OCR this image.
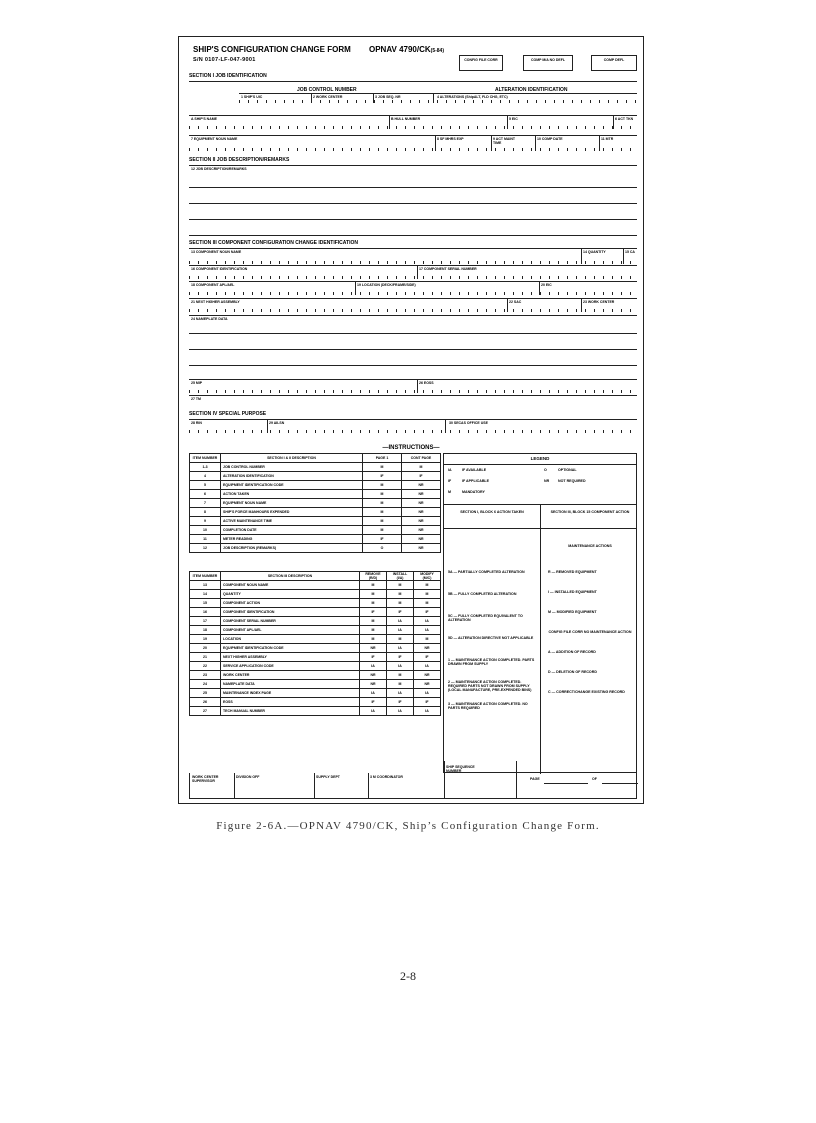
SHIP'S CONFIGURATION CHANGE FORM OPNAV 4790/CK(5-84)
S/N 0107-LF-047-9001	CONFIG FILE CORR	COMP M/A NO DEFL	COMP DEFL
SECTION I JOB IDENTIFICATION
JOB CONTROL NUMBER	ALTERATION IDENTIFICATION
1 SHIP'S UIC	2 WORK CENTER	3 JOB SEQ. NR	4 ALTERATIONS (ShipALT, FLD CHG, ETC)
A SHIP'S NAME	B HULL NUMBER	5 EIC	6 ACT TKN
7 EQUIPMENT NOUN NAME	8 SF MHRS EXP	9 ACT MAINT TIME
10 COMP DATE	11 MTR
SECTION II JOB DESCRIPTION/REMARKS
12 JOB DESCRIPTION/REMARKS
SECTION III COMPONENT CONFIGURATION CHANGE IDENTIFICATION
13 COMPONENT NOUN NAME	14 QUANTITY	15 CA
16 COMPONENT IDENTIFICATION	17 COMPONENT SERIAL NUMBER
18 COMPONENT APL/AEL	19 LOCATION (DECK/FRAME/SIDE)	20 EIC
21 NEXT HIGHER ASSEMBLY	22 SAC	23 WORK CENTER
24 NAMEPLATE DATA
25 MIP	26 EOSS
27 TM
SECTION IV SPECIAL PURPOSE
28 RIN	29 AILSN	30 SECAS OFFICE USE
—INSTRUCTIONS—
ITEM NUMBER	SECTION I & II DESCRIPTION	PAGE 1	CONT PAGE
1-3	JOB CONTROL NUMBER	M	M
4	ALTERATION IDENTIFICATION	IF	IF
5	EQUIPMENT IDENTIFICATION CODE	M	NR
6	ACTION TAKEN	M	NR
7	EQUIPMENT NOUN NAME	M	NR
8	SHIP'S FORCE MANHOURS EXPENDED	M	NR
9	ACTIVE MAINTENANCE TIME	M	NR
10	COMPLETION DATE	M	NR
11	METER READING	IF	NR
12	JOB DESCRIPTION (REMARKS)	O	NR
ITEM NUMBER	SECTION III DESCRIPTION	REMOVE (R/D)	INSTALL (I/A)	MODIFY (M/C)
13	COMPONENT NOUN NAME	M	M	M
14	QUANTITY	M	M	M
15	COMPONENT ACTION	M	M	M
16	COMPONENT IDENTIFICATION	IF	IF	IF
17	COMPONENT SERIAL NUMBER	M	IA	IA
18	COMPONENT APL/AEL	M	IA	IA
19	LOCATION	M	M	M
20	EQUIPMENT IDENTIFICATION CODE	NR	IA	NR
21	NEXT HIGHER ASSEMBLY	IF	IF	IF
22	SERVICE APPLICATION CODE	IA	IA	IA
23	WORK CENTER	NR	M	NR
24	NAMEPLATE DATA	NR	M	NR
25	MAINTENANCE INDEX PAGE	IA	IA	IA
26	EOSS	IF	IF	IF
27	TECH MANUAL NUMBER	IA	IA	IA
LEGEND
IA	IF AVAILABLE	O	OPTIONAL
IF	IF APPLICABLE	NR NOT REQUIRED
M	MANDATORY
SECTION I, BLOCK 6 ACTION TAKEN	SECTION III, BLOCK 15 COMPONENT ACTION
MAINTENANCE ACTIONS
5A — PARTIALLY COMPLETED ALTERATION
5B — FULLY COMPLETED ALTERATION
5C — FULLY COMPLETED EQUIVALENT TO ALTERATION
5D — ALTERATION DIRECTIVE NOT APPLICABLE
1 — MAINTENANCE ACTION COMPLETED. PARTS DRAWN FROM SUPPLY
2 — MAINTENANCE ACTION COMPLETED. REQUIRED PARTS NOT DRAWN FROM SUPPLY (LOCAL MANUFACTURE, PRE-EXPENDED BINS)
3 — MAINTENANCE ACTION COMPLETED. NO PARTS REQUIRED
R — REMOVED EQUIPMENT
I — INSTALLED EQUIPMENT
M — MODIFIED EQUIPMENT
CONFIG FILE CORR NO MAINTENANCE ACTION
A — ADDITION OF RECORD
D — DELETION OF RECORD
C — CORRECT/CHANGE EXISTING RECORD
WORK CENTER SUPERVISOR
DIVISION OFF	SUPPLY DEPT	3 M COORDINATOR
SHIP SEQUENCE NUMBER
PAGE	OF
Figure 2-6A.—OPNAV 4790/CK, Ship’s Configuration Change Form.
2-8
